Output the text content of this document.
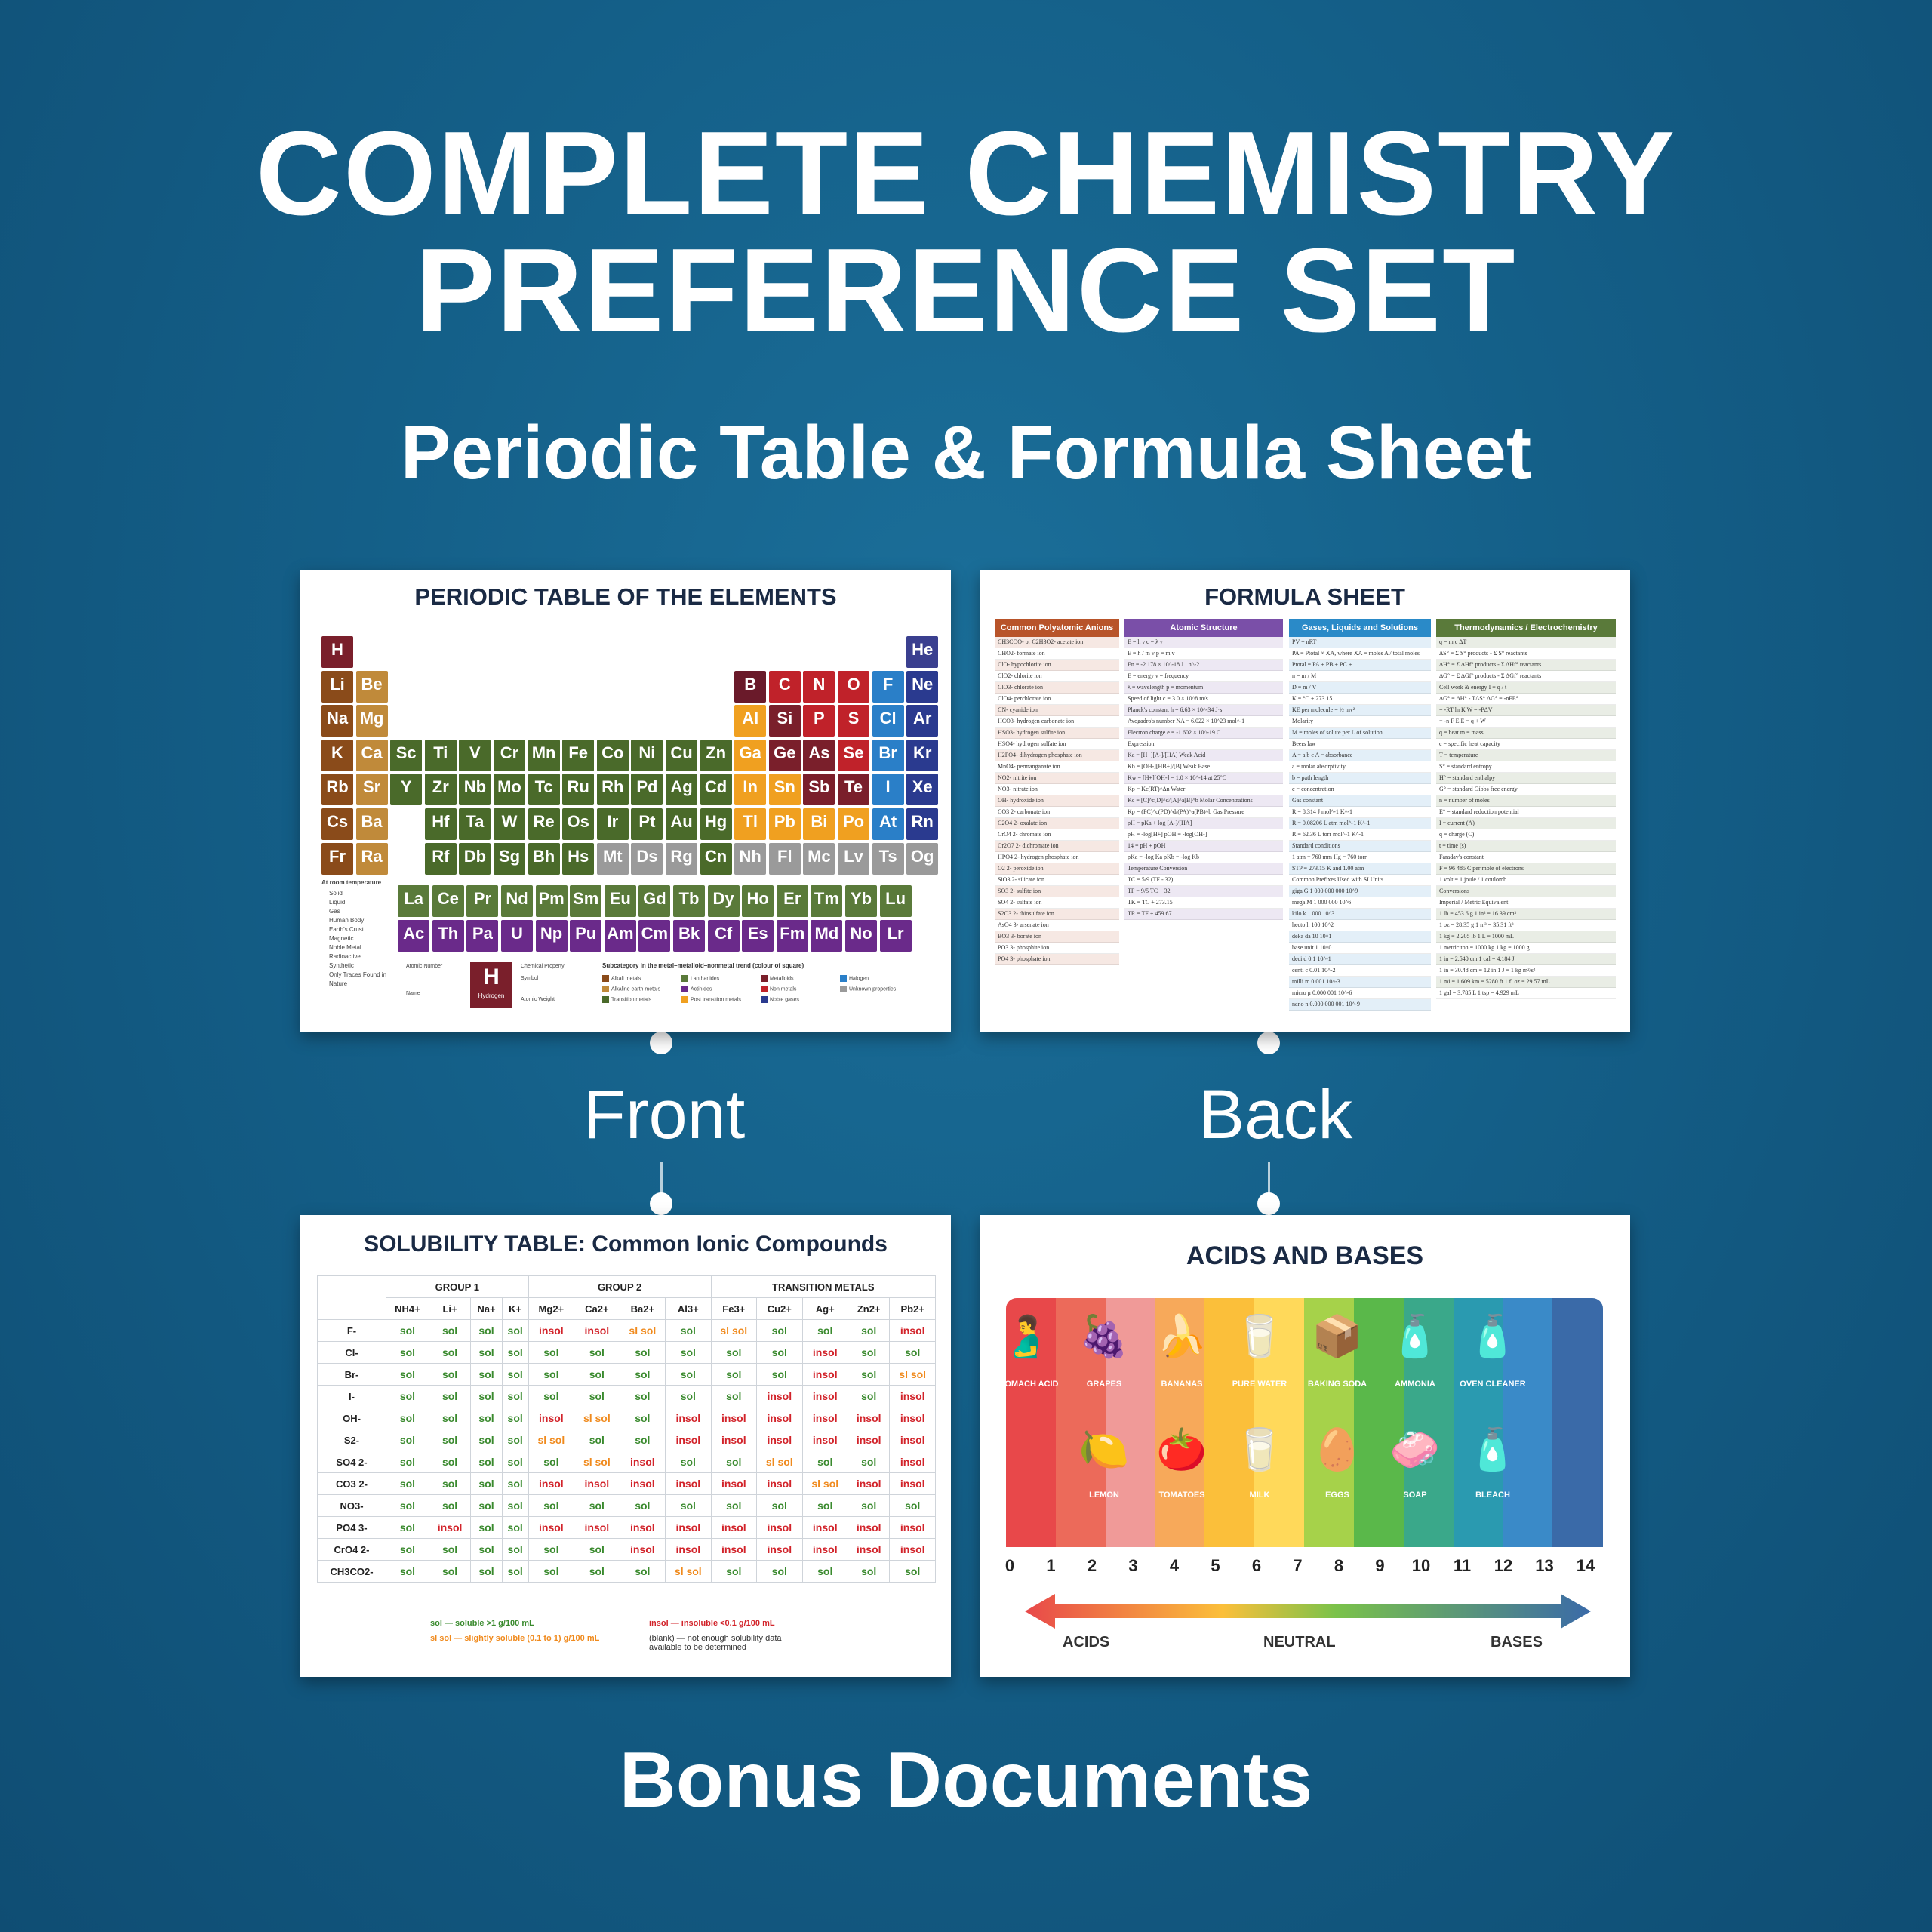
COMPLETE CHEMISTRY
PREFERENCE SET
Periodic Table & Formula Sheet
Front	Back
Bonus Documents
PERIODIC TABLE OF THE ELEMENTS
H	He
Li Be	B	C	N	O	F	Ne
Na Mg	Al	Si	P	S	Cl	Ar
K	Ca Sc	Ti	V	Cr Mn Fe Co Ni Cu Zn Ga Ge As Se Br Kr
Rb Sr	Y	Zr Nb Mo Tc Ru Rh Pd Ag Cd In Sn Sb Te	I	Xe
Cs Ba	Hf Ta	W Re Os	Ir	Pt Au Hg Tl Pb Bi Po At Rn
Fr Ra	Rf Db Sg Bh Hs Mt Ds Rg Cn Nh Fl Mc Lv Ts Og
La Ce Pr Nd Pm Sm Eu Gd Tb Dy Ho Er Tm Yb Lu
Ac Th Pa	U	Np Pu Am Cm Bk Cf Es Fm Md No Lr
At room temperature
Solid
Liquid
Gas
Human Body
Earth's Crust
Magnetic
Noble Metal
Radioactive
Synthetic
Only Traces Found in Nature	H
Hydrogen
Atomic Number
Name
Chemical Property
Symbol
Atomic Weight
Subcategory in the metal–metalloid–nonmetal trend (colour of square)
Alkali metals
Alkaline earth metals
Transition metals
Lanthanides
Actinides
Post transition metals
Metalloids
Non metals
Noble gases
Halogen
Unknown properties
FORMULA SHEET
Common Polyatomic Anions
CH3COO- or C2H3O2- acetate ion
CHO2- formate ion
ClO- hypochlorite ion
ClO2- chlorite ion
ClO3- chlorate ion
ClO4- perchlorate ion
CN- cyanide ion
HCO3- hydrogen carbonate ion
HSO3- hydrogen sulfite ion
HSO4- hydrogen sulfate ion
H2PO4- dihydrogen phosphate ion
MnO4- permanganate ion
NO2- nitrite ion
NO3- nitrate ion
OH- hydroxide ion
CO3 2- carbonate ion
C2O4 2- oxalate ion
CrO4 2- chromate ion
Cr2O7 2- dichromate ion
HPO4 2- hydrogen phosphate ion
O2 2- peroxide ion
SiO3 2- silicate ion
SO3 2- sulfite ion
SO4 2- sulfate ion
S2O3 2- thiosulfate ion
AsO4 3- arsenate ion
BO3 3- borate ion
PO3 3- phosphite ion
PO4 3- phosphate ion
Atomic Structure
E = h ν c = λ ν
E = h / m v p = m v
En = -2.178 × 10^-18 J · n^-2
E = energy ν = frequency
λ = wavelength p = momentum
Speed of light c = 3.0 × 10^8 m/s
Planck's constant h = 6.63 × 10^-34 J·s
Avogadro's number NA = 6.022 × 10^23 mol^-1
Electron charge e = -1.602 × 10^-19 C
Expression
Ka = [H+][A-]/[HA] Weak Acid
Kb = [OH-][HB+]/[B] Weak Base
Kw = [H+][OH-] = 1.0 × 10^-14 at 25°C
Kp = Kc(RT)^Δn Water
Kc = [C]^c[D]^d/[A]^a[B]^b Molar Concentrations
Kp = (PC)^c(PD)^d/(PA)^a(PB)^b Gas Pressure
pH = pKa + log [A-]/[HA]
pH = -log[H+] pOH = -log[OH-]
14 = pH + pOH
pKa = -log Ka pKb = -log Kb
Temperature Conversion
TC = 5/9 (TF - 32)
TF = 9/5 TC + 32
TK = TC + 273.15
TR = TF + 459.67
Gases, Liquids and Solutions
PV = nRT
PA = Ptotal × XA, where XA = moles A / total moles
Ptotal = PA + PB + PC + ...
n = m / M
D = m / V
K = °C + 273.15
KE per molecule = ½ mv²
Molarity
M = moles of solute per L of solution
Beers law
A = a b c A = absorbance
a = molar absorptivity
b = path length
c = concentration
Gas constant
R = 8.314 J mol^-1 K^-1
R = 0.08206 L atm mol^-1 K^-1
R = 62.36 L torr mol^-1 K^-1
Standard conditions
1 atm = 760 mm Hg = 760 torr
STP = 273.15 K and 1.00 atm
Common Prefixes Used with SI Units
giga G 1 000 000 000 10^9
mega M 1 000 000 10^6
kilo k 1 000 10^3
hecto h 100 10^2
deka da 10 10^1
base unit 1 10^0
deci d 0.1 10^-1
centi c 0.01 10^-2
milli m 0.001 10^-3
micro μ 0.000 001 10^-6
nano n 0.000 000 001 10^-9
Thermodynamics / Electrochemistry
q = m c ΔT
ΔS° = Σ S° products - Σ S° reactants
ΔH° = Σ ΔHf° products - Σ ΔHf° reactants
ΔG° = Σ ΔGf° products - Σ ΔGf° reactants
Cell work & energy I = q / t
ΔG° = ΔH° - TΔS° ΔG° = -nFE°
= -RT ln K W = -PΔV
= -n F E E = q + W
q = heat m = mass
c = specific heat capacity
T = temperature
S° = standard entropy
H° = standard enthalpy
G° = standard Gibbs free energy
n = number of moles
E° = standard reduction potential
I = current (A)
q = charge (C)
t = time (s)
Faraday's constant
F = 96 485 C per mole of electrons
1 volt = 1 joule / 1 coulomb
Conversions
Imperial / Metric Equivalent
1 lb = 453.6 g 1 in³ = 16.39 cm³
1 oz = 28.35 g 1 m³ = 35.31 ft³
1 kg = 2.205 lb 1 L = 1000 mL
1 metric ton = 1000 kg 1 kg = 1000 g
1 in = 2.540 cm 1 cal = 4.184 J
1 in = 30.48 cm = 12 in 1 J = 1 kg m²/s²
1 mi = 1.609 km = 5280 ft 1 fl oz = 29.57 mL
1 gal = 3.785 L 1 tsp = 4.929 mL
SOLUBILITY TABLE: Common Ionic Compounds
	GROUP 1				GROUP 2				TRANSITION METALS				
	NH4+	Li+	Na+	K+	Mg2+	Ca2+	Ba2+	Al3+	Fe3+	Cu2+	Ag+	Zn2+	Pb2+
F-	sol	sol	sol	sol	insol	insol	sl sol	sol	sl sol	sol	sol	sol	insol
Cl-	sol	sol	sol	sol	sol	sol	sol	sol	sol	sol	insol	sol	sol
Br-	sol	sol	sol	sol	sol	sol	sol	sol	sol	sol	insol	sol	sl sol
I-	sol	sol	sol	sol	sol	sol	sol	sol	sol	insol	insol	sol	insol
OH-	sol	sol	sol	sol	insol	sl sol	sol	insol	insol	insol	insol	insol	insol
S2-	sol	sol	sol	sol	sl sol	sol	sol	insol	insol	insol	insol	insol	insol
SO4 2-	sol	sol	sol	sol	sol	sl sol	insol	sol	sol	sl sol	sol	sol	insol
CO3 2-	sol	sol	sol	sol	insol	insol	insol	insol	insol	insol	sl sol	insol	insol
NO3-	sol	sol	sol	sol	sol	sol	sol	sol	sol	sol	sol	sol	sol
PO4 3-	sol	insol	sol	sol	insol	insol	insol	insol	insol	insol	insol	insol	insol
CrO4 2-	sol	sol	sol	sol	sol	sol	insol	insol	insol	insol	insol	insol	insol
CH3CO2-	sol	sol	sol	sol	sol	sol	sol	sl sol	sol	sol	sol	sol	sol
sol — soluble >1 g/100 mL
sl sol — slightly soluble (0.1 to 1) g/100 mL
insol — insoluble <0.1 g/100 mL
(blank) — not enough solubility data available to be determined
ACIDS AND BASES
🫃
STOMACH ACID
🍇
GRAPES
🍌
BANANAS
🥛
PURE WATER
📦
BAKING SODA
🧴
AMMONIA
🧴
OVEN CLEANER
🍋
LEMON
🍅
TOMATOES
🥛
MILK
🥚
EGGS
🧼
SOAP
🧴
BLEACH
0	1	2	3	4	5	6	7	8	9	10	11	12	13	14
ACIDS	NEUTRAL	BASES
